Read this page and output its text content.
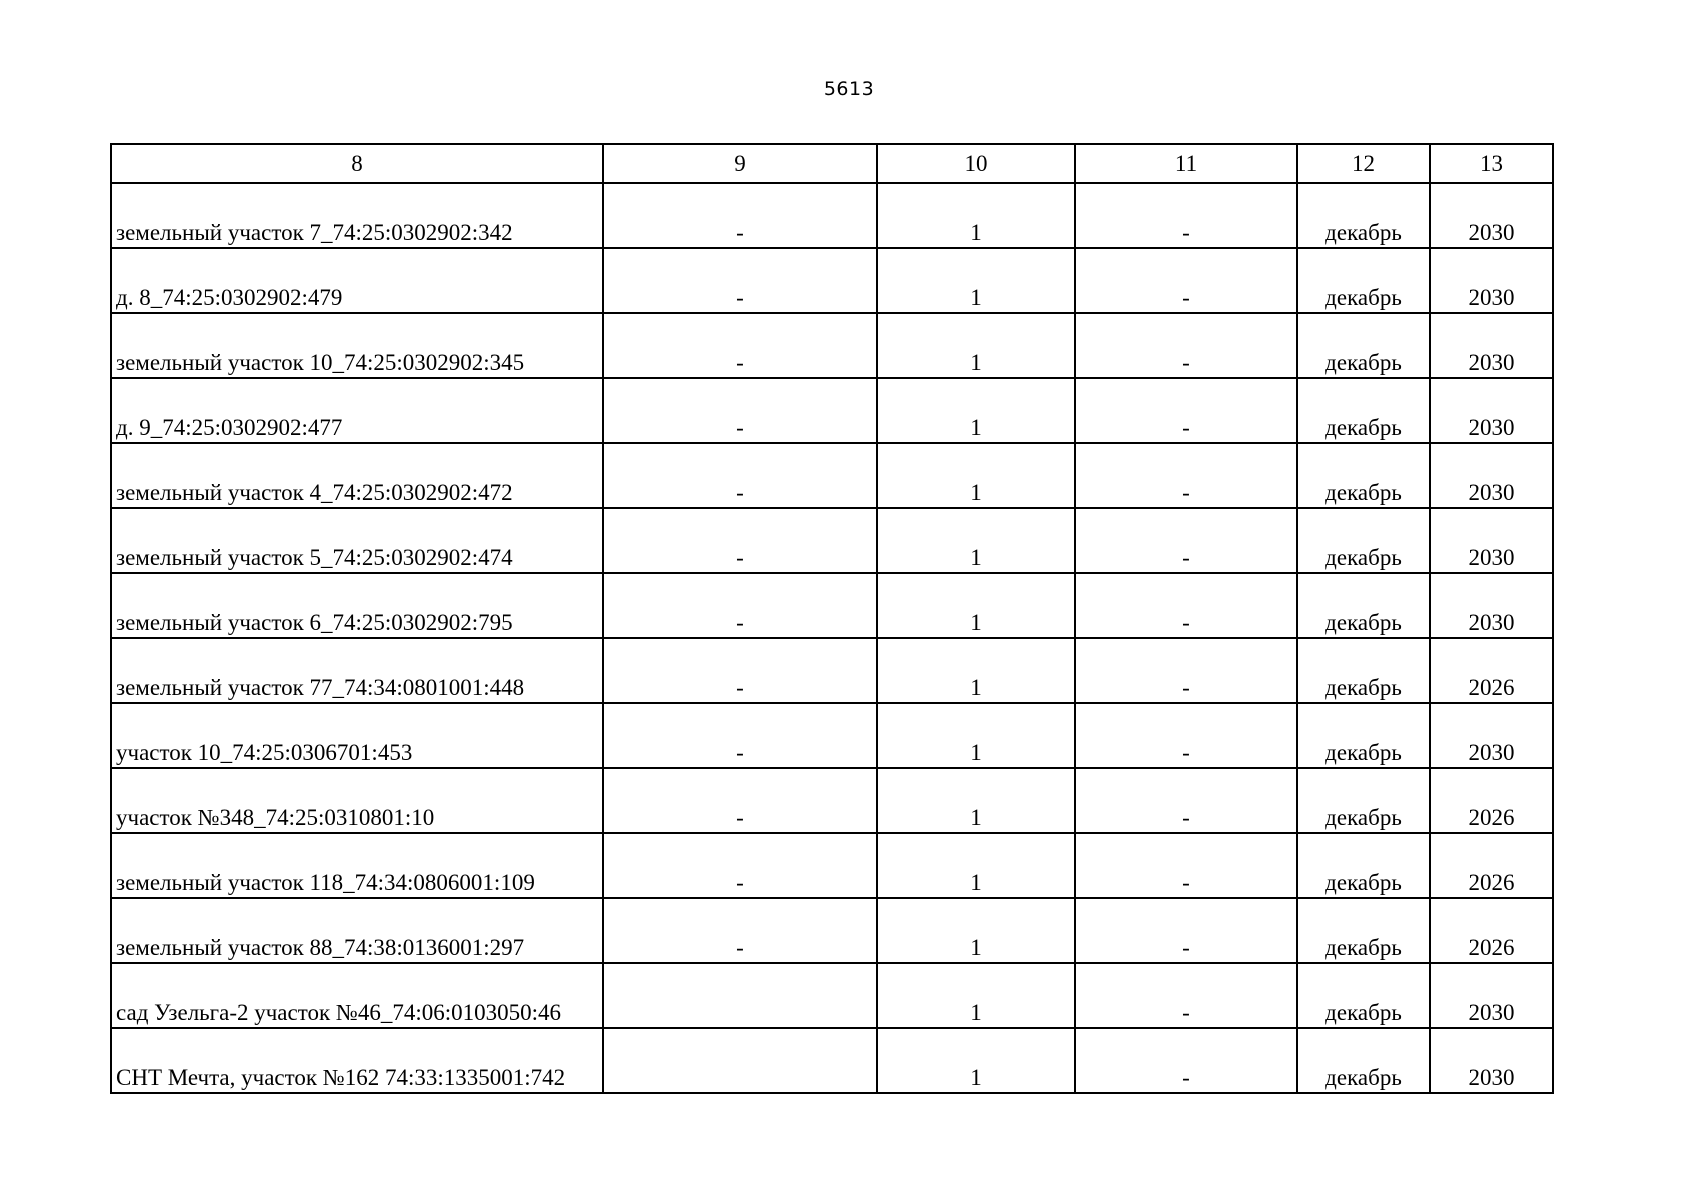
5613
8	9	10	11	12	13
земельный участок 7_74:25:0302902:342	-	1	-	декабрь	2030
д. 8_74:25:0302902:479	-	1	-	декабрь	2030
земельный участок 10_74:25:0302902:345	-	1	-	декабрь	2030
д. 9_74:25:0302902:477	-	1	-	декабрь	2030
земельный участок 4_74:25:0302902:472	-	1	-	декабрь	2030
земельный участок 5_74:25:0302902:474	-	1	-	декабрь	2030
земельный участок 6_74:25:0302902:795	-	1	-	декабрь	2030
земельный участок 77_74:34:0801001:448	-	1	-	декабрь	2026
участок 10_74:25:0306701:453	-	1	-	декабрь	2030
участок №348_74:25:0310801:10	-	1	-	декабрь	2026
земельный участок 118_74:34:0806001:109	-	1	-	декабрь	2026
земельный участок 88_74:38:0136001:297	-	1	-	декабрь	2026
сад Узельга-2 участок №46_74:06:0103050:46		1	-	декабрь	2030
СНТ Мечта, участок №162 74:33:1335001:742		1	-	декабрь	2030
